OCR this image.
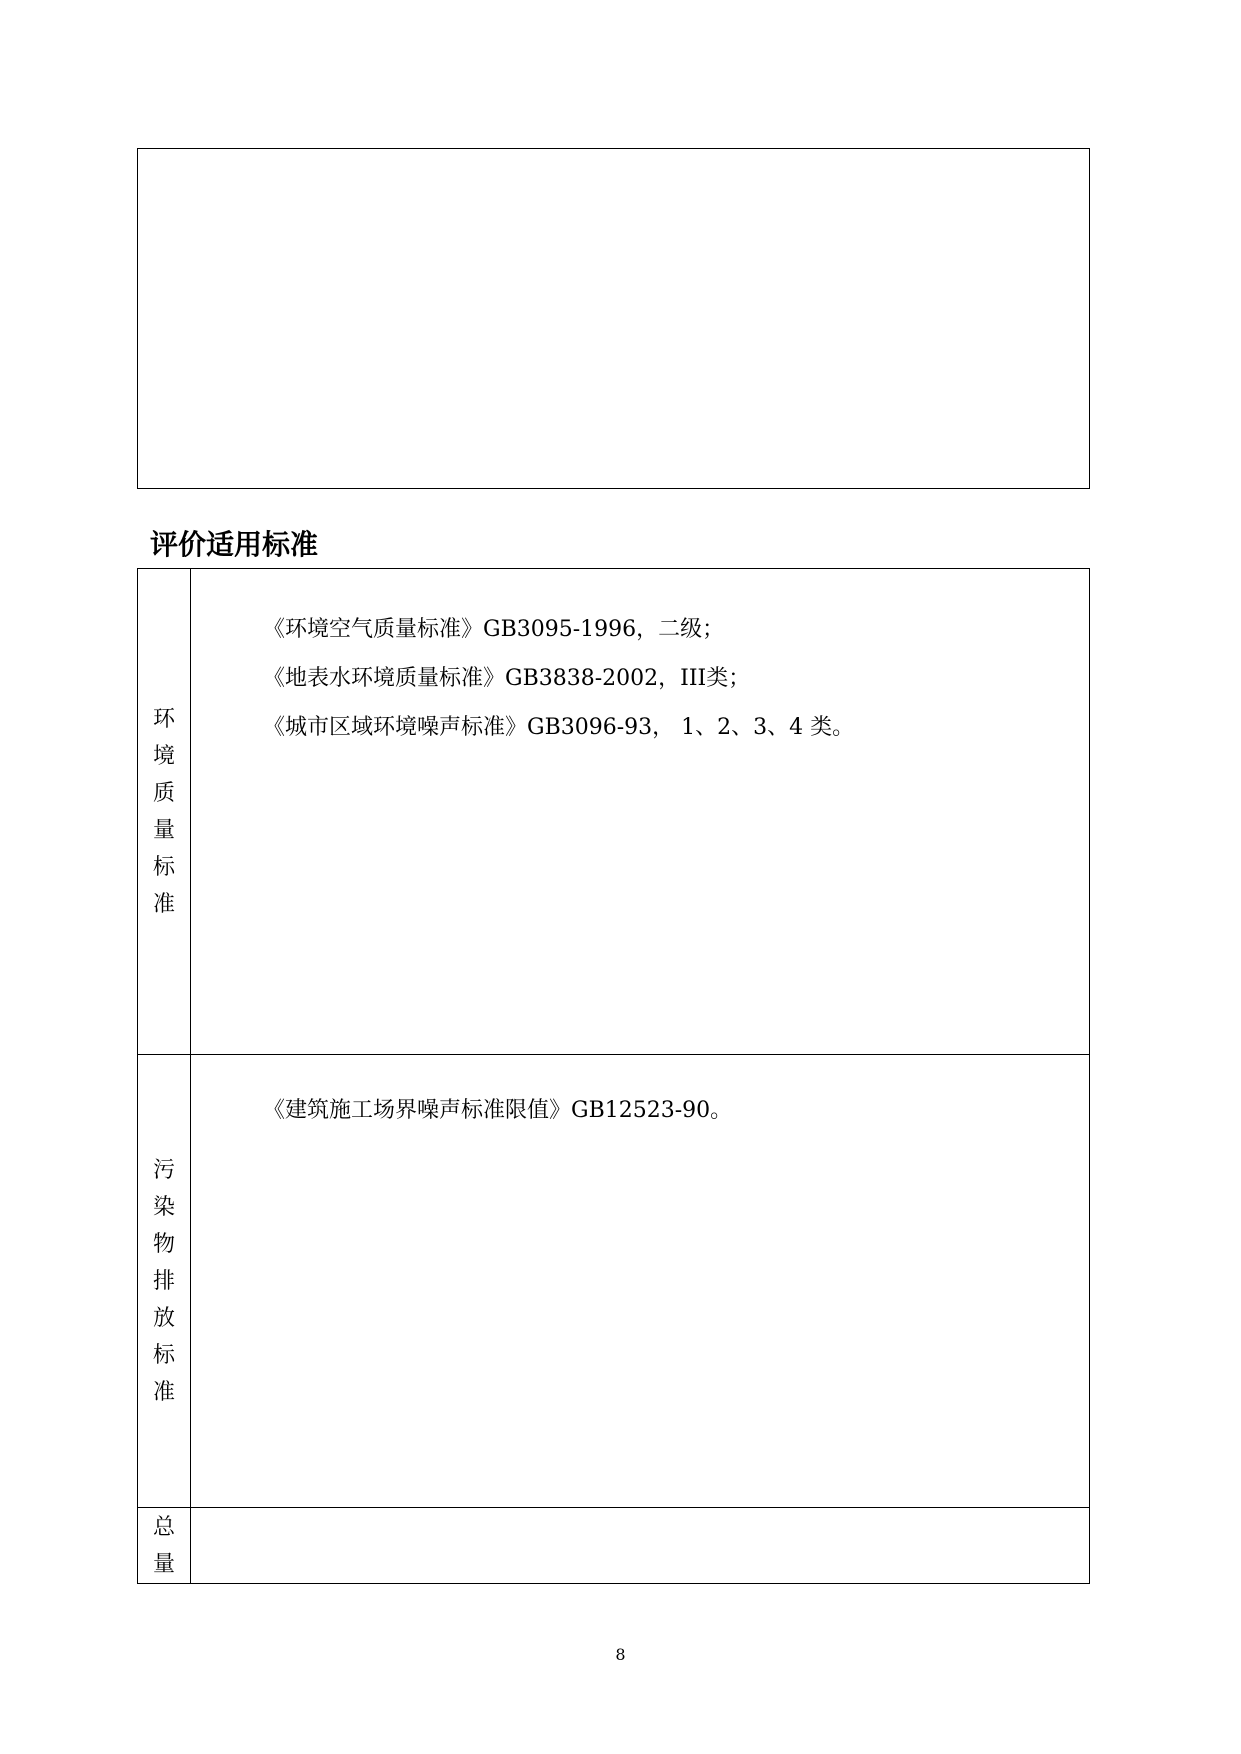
评价适用标准
环境质量标准	《环境空气质量标准》GB3095-1996，二级；
《地表水环境质量标准》GB3838-2002，III类；
《城市区域环境噪声标准》GB3096-93， 1、2、3、4 类。

污染物排放标准	《建筑施工场界噪声标准限值》GB12523-90。

总量	
8
